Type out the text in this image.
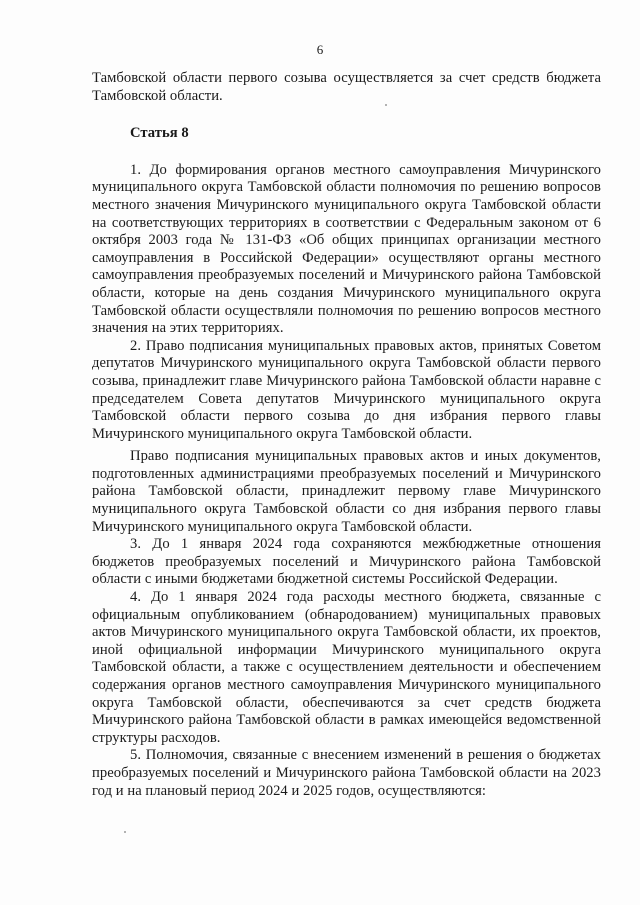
6

Тамбовской области первого созыва осуществляется за счет средств бюджета Тамбовской области.

Статья 8

1. До формирования органов местного самоуправления Мичуринского муниципального округа Тамбовской области полномочия по решению вопросов местного значения Мичуринского муниципального округа Тамбовской области на соответствующих территориях в соответствии с Федеральным законом от 6 октября 2003 года № 131-ФЗ «Об общих принципах организации местного самоуправления в Российской Федерации» осуществляют органы местного самоуправления преобразуемых поселений и Мичуринского района Тамбовской области, которые на день создания Мичуринского муниципального округа Тамбовской области осуществляли полномочия по решению вопросов местного значения на этих территориях.

2. Право подписания муниципальных правовых актов, принятых Советом депутатов Мичуринского муниципального округа Тамбовской области первого созыва, принадлежит главе Мичуринского района Тамбовской области наравне с председателем Совета депутатов Мичуринского муниципального округа Тамбовской области первого созыва до дня избрания первого главы Мичуринского муниципального округа Тамбовской области.

Право подписания муниципальных правовых актов и иных документов, подготовленных администрациями преобразуемых поселений и Мичуринского района Тамбовской области, принадлежит первому главе Мичуринского муниципального округа Тамбовской области со дня избрания первого главы Мичуринского муниципального округа Тамбовской области.

3. До 1 января 2024 года сохраняются межбюджетные отношения бюджетов преобразуемых поселений и Мичуринского района Тамбовской области с иными бюджетами бюджетной системы Российской Федерации.

4. До 1 января 2024 года расходы местного бюджета, связанные с официальным опубликованием (обнародованием) муниципальных правовых актов Мичуринского муниципального округа Тамбовской области, их проектов, иной официальной информации Мичуринского муниципального округа Тамбовской области, а также с осуществлением деятельности и обеспечением содержания органов местного самоуправления Мичуринского муниципального округа Тамбовской области, обеспечиваются за счет средств бюджета Мичуринского района Тамбовской области в рамках имеющейся ведомственной структуры расходов.

5. Полномочия, связанные с внесением изменений в решения о бюджетах преобразуемых поселений и Мичуринского района Тамбовской области на 2023 год и на плановый период 2024 и 2025 годов, осуществляются:
